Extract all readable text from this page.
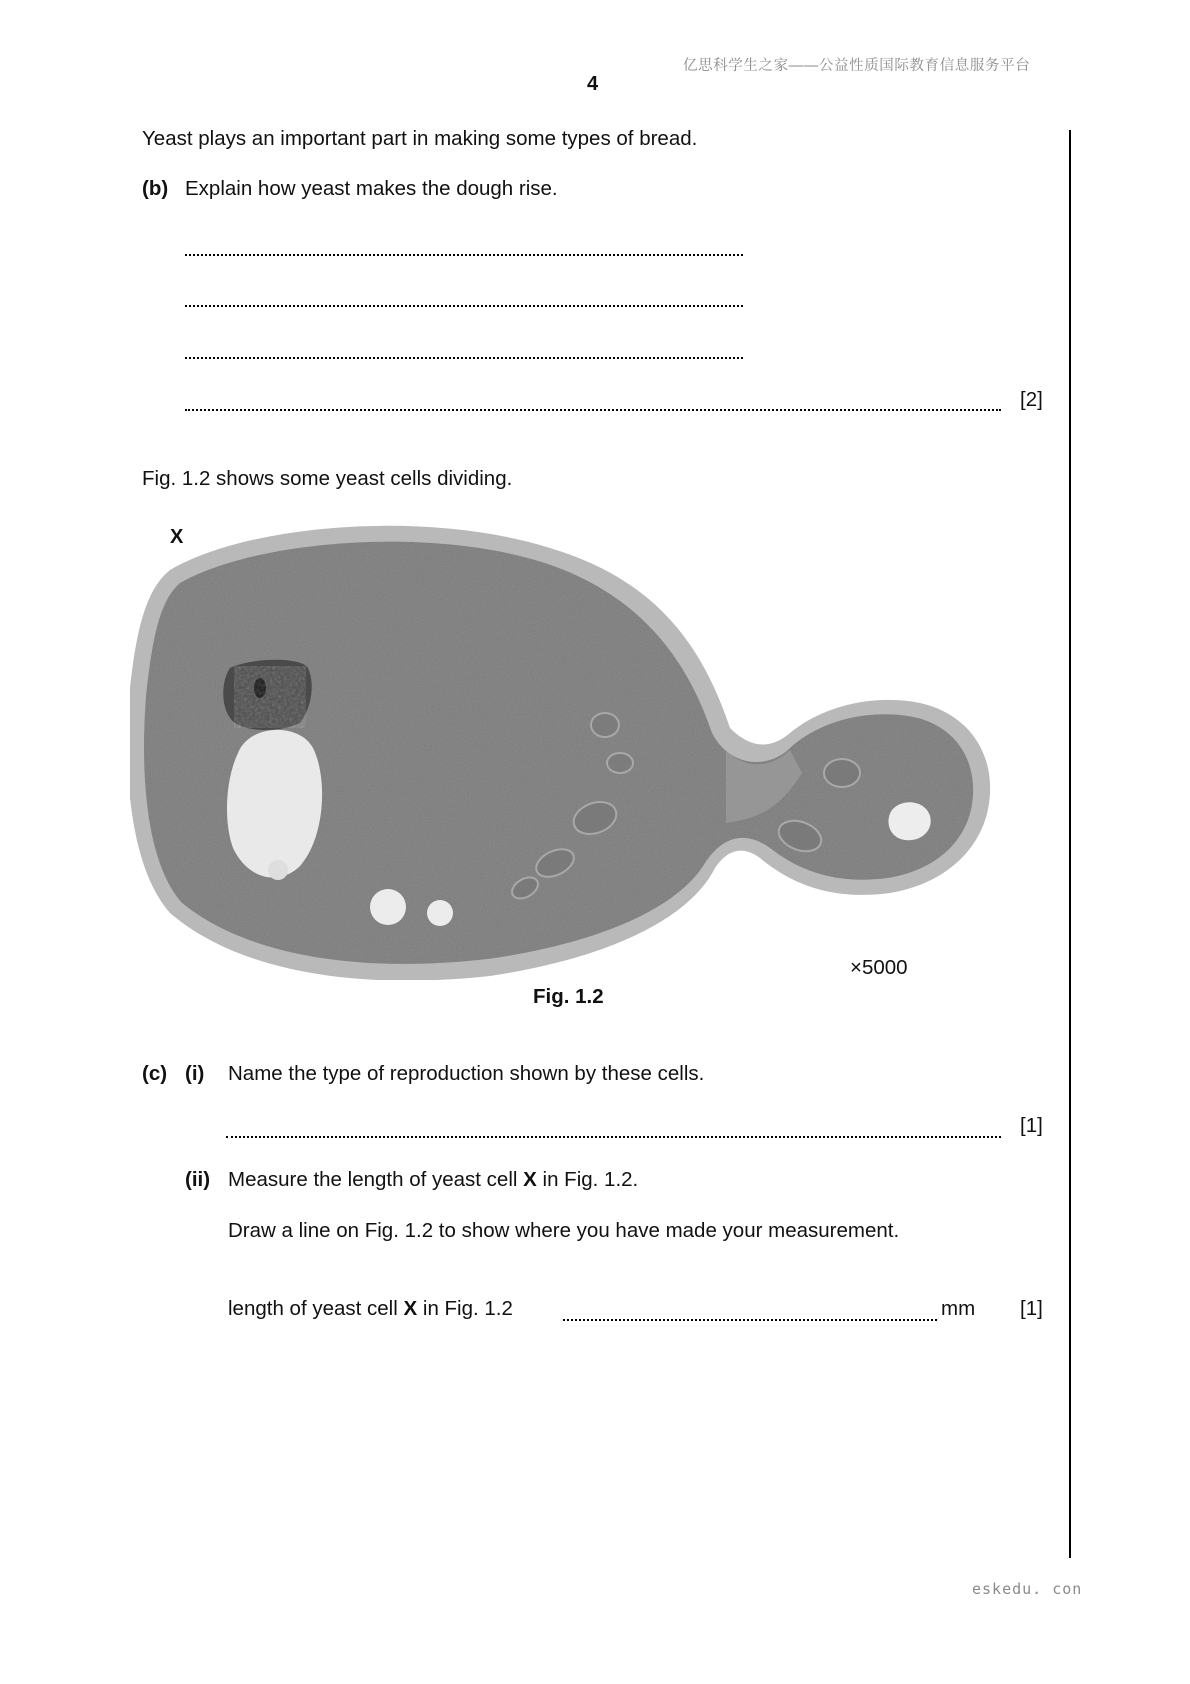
亿思科学生之家——公益性质国际教育信息服务平台
4
Yeast plays an important part in making some types of bread.
(b) Explain how yeast makes the dough rise.
[2]
Fig. 1.2 shows some yeast cells dividing.
X
×5000
Fig. 1.2
(c) (i) Name the type of reproduction shown by these cells.
[1]
(ii) Measure the length of yeast cell X in Fig. 1.2.
Draw a line on Fig. 1.2 to show where you have made your measurement.
length of yeast cell X in Fig. 1.2	mm [1]
eskedu. con
